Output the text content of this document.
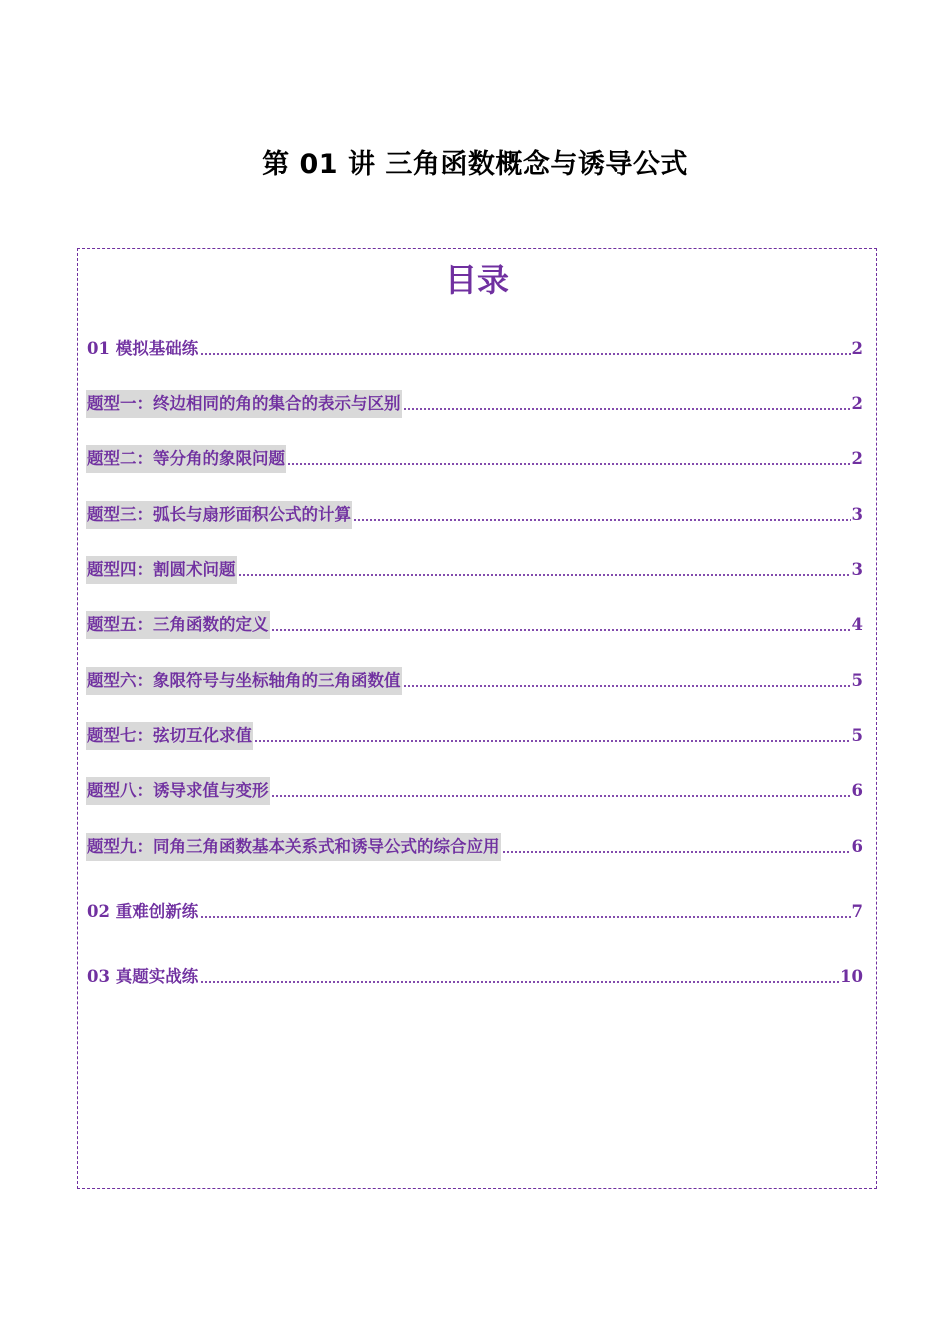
第 01 讲 三角函数概念与诱导公式
目录
01 模拟基础练	2
题型一：终边相同的角的集合的表示与区别	2
题型二：等分角的象限问题	2
题型三：弧长与扇形面积公式的计算	3
题型四：割圆术问题	3
题型五：三角函数的定义	4
题型六：象限符号与坐标轴角的三角函数值	5
题型七：弦切互化求值	5
题型八：诱导求值与变形	6
题型九：同角三角函数基本关系式和诱导公式的综合应用	6
02 重难创新练	7
03 真题实战练	10
